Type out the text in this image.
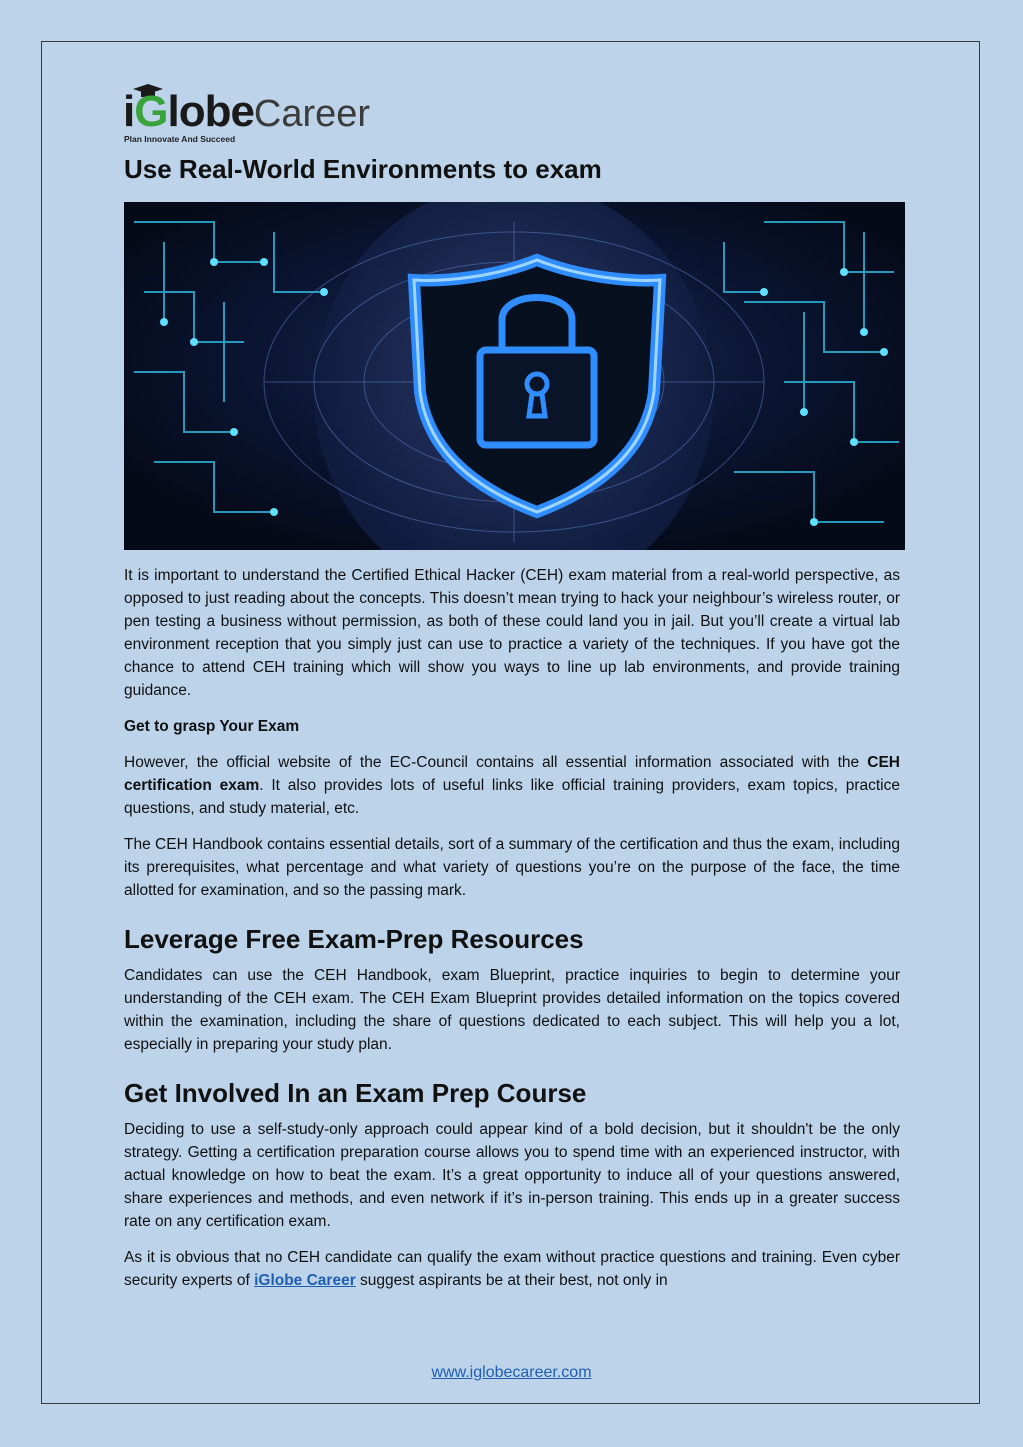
iGlobeCareer
Plan Innovate And Succeed
Use Real-World Environments to exam

It is important to understand the Certified Ethical Hacker (CEH) exam material from a real-world perspective, as opposed to just reading about the concepts. This doesn’t mean trying to hack your neighbour’s wireless router, or pen testing a business without permission, as both of these could land you in jail. But you’ll create a virtual lab environment reception that you simply just can use to practice a variety of the techniques. If you have got the chance to attend CEH training which will show you ways to line up lab environments, and provide training guidance.

Get to grasp Your Exam

However, the official website of the EC-Council contains all essential information associated with the CEH certification exam. It also provides lots of useful links like official training providers, exam topics, practice questions, and study material, etc.

The CEH Handbook contains essential details, sort of a summary of the certification and thus the exam, including its prerequisites, what percentage and what variety of questions you’re on the purpose of the face, the time allotted for examination, and so the passing mark.

Leverage Free Exam-Prep Resources

Candidates can use the CEH Handbook, exam Blueprint, practice inquiries to begin to determine your understanding of the CEH exam. The CEH Exam Blueprint provides detailed information on the topics covered within the examination, including the share of questions dedicated to each subject. This will help you a lot, especially in preparing your study plan.

Get Involved In an Exam Prep Course

Deciding to use a self-study-only approach could appear kind of a bold decision, but it shouldn't be the only strategy. Getting a certification preparation course allows you to spend time with an experienced instructor, with actual knowledge on how to beat the exam. It’s a great opportunity to induce all of your questions answered, share experiences and methods, and even network if it’s in-person training. This ends up in a greater success rate on any certification exam.

As it is obvious that no CEH candidate can qualify the exam without practice questions and training. Even cyber security experts of iGlobe Career suggest aspirants be at their best, not only in

www.iglobecareer.com
